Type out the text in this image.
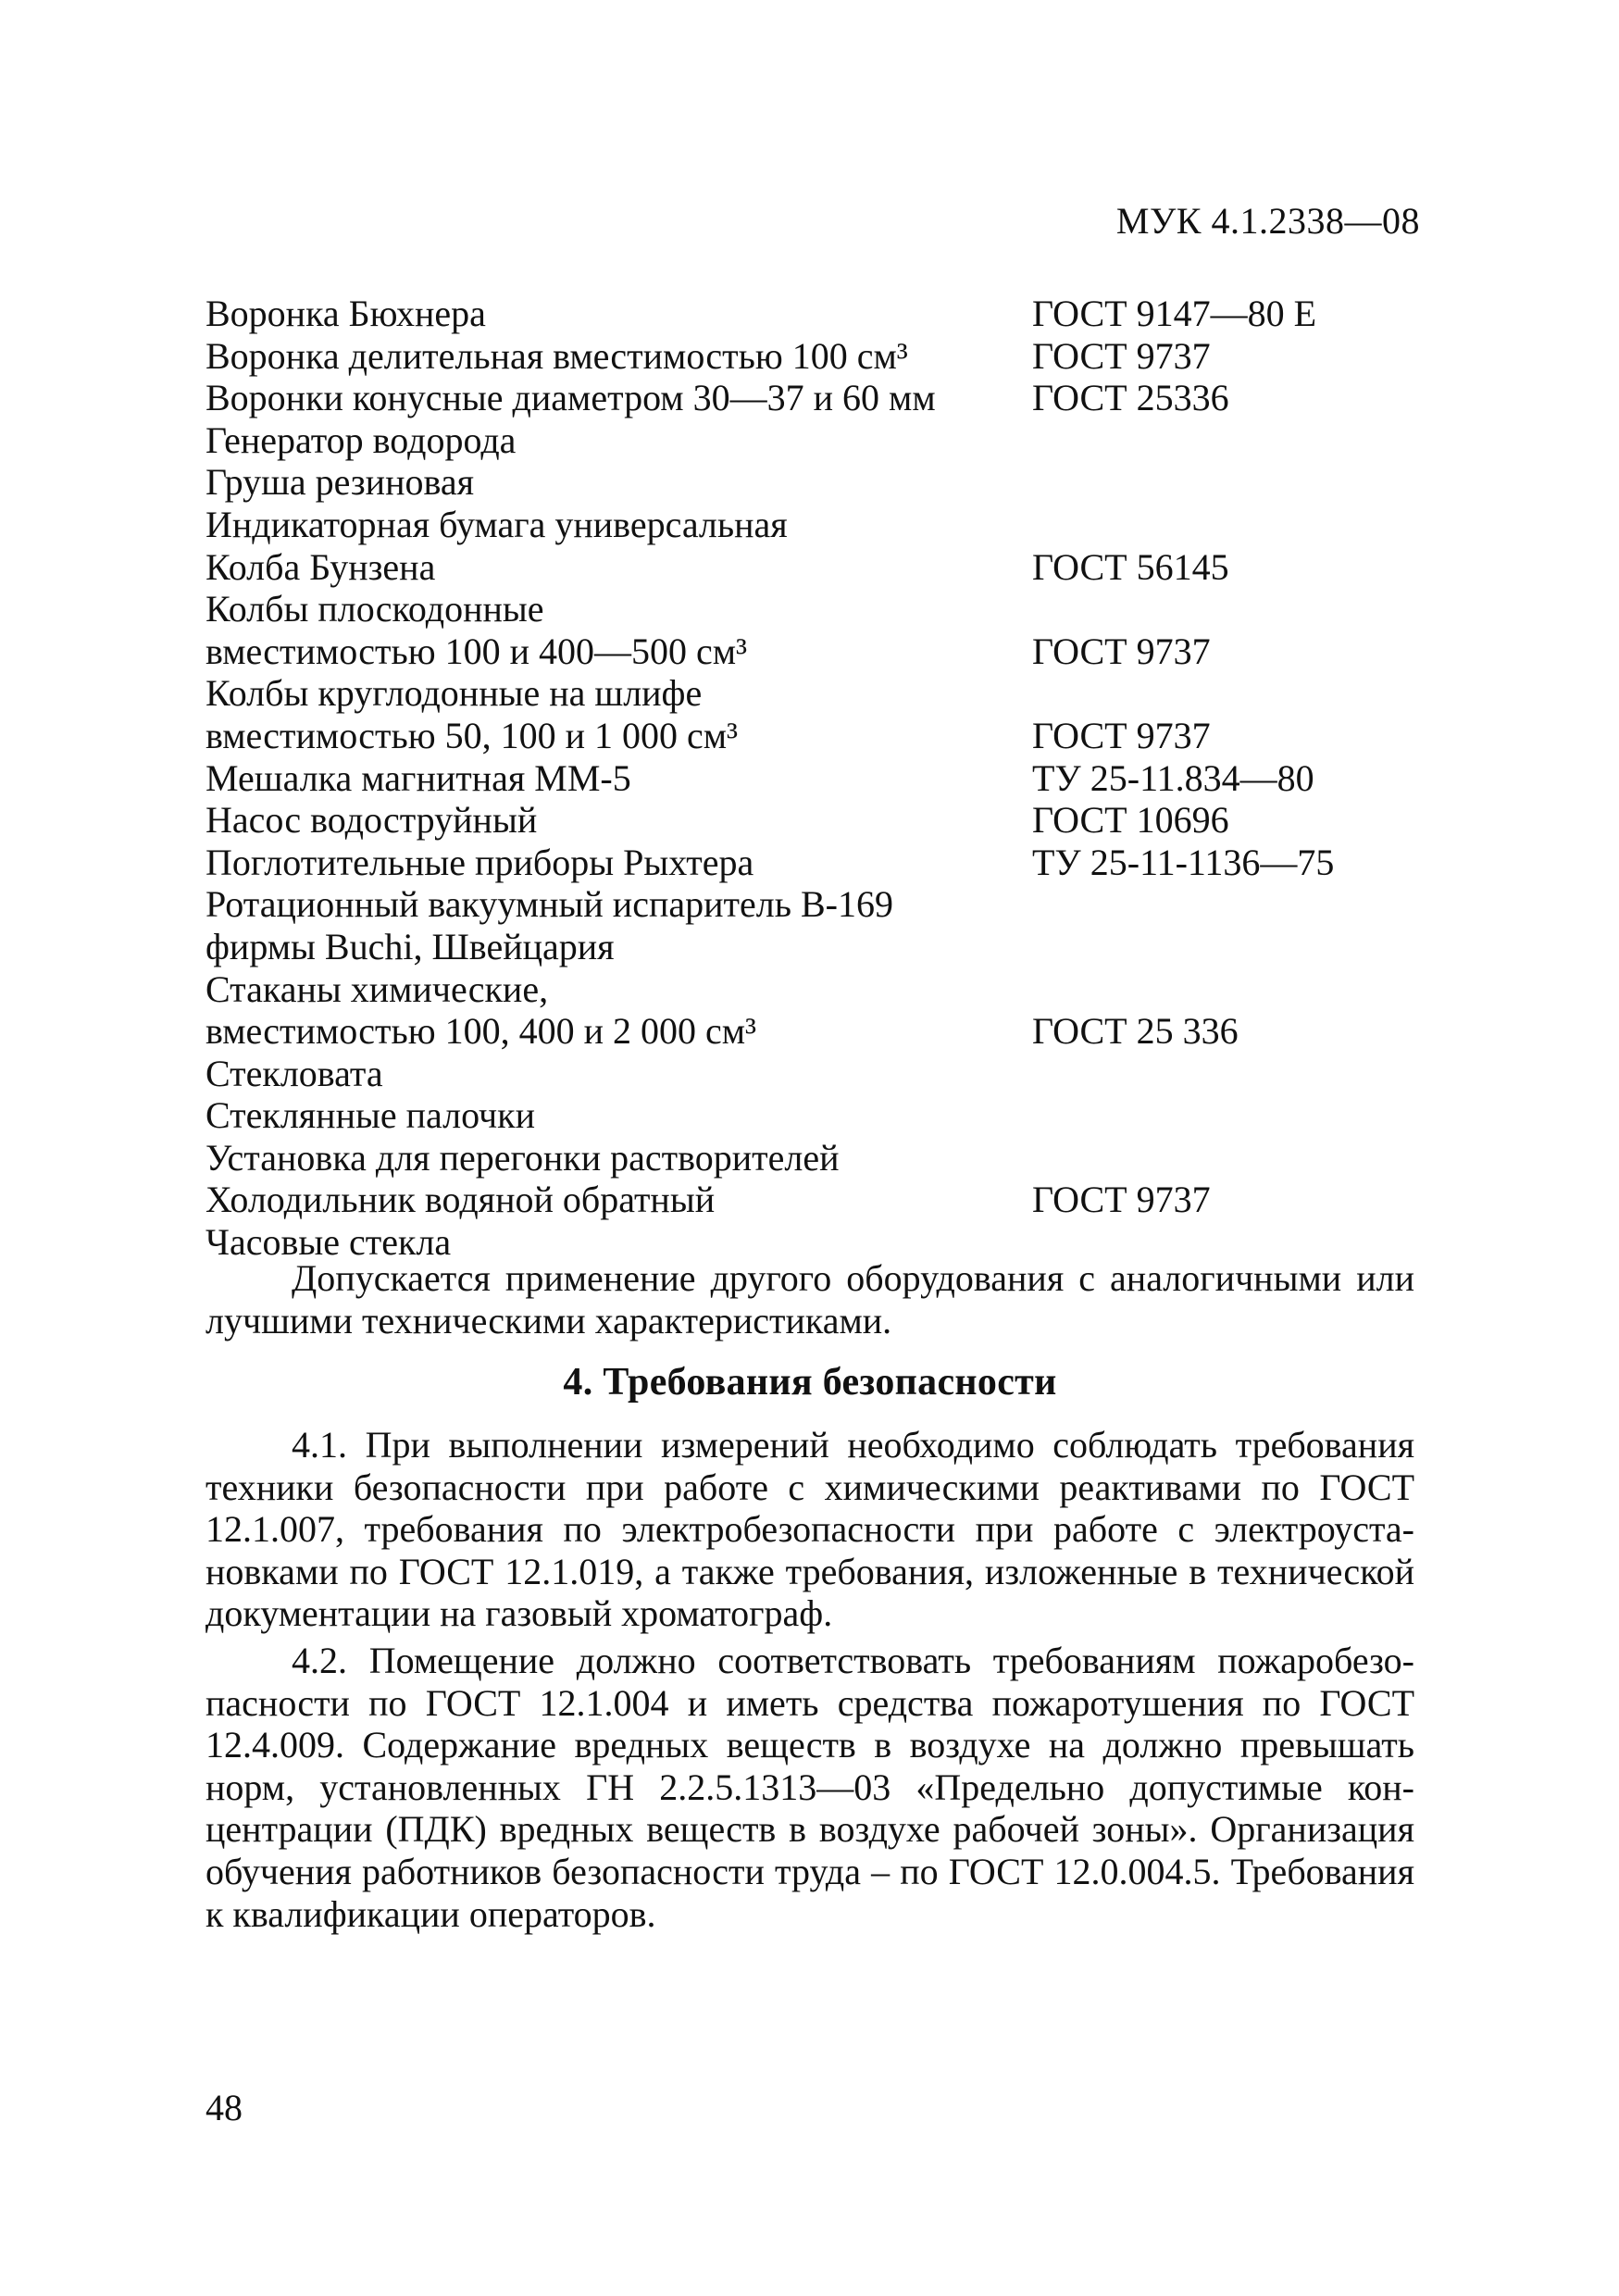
МУК 4.1.2338—08
Воронка Бюхнера	ГОСТ 9147—80 Е
Воронка делительная вместимостью 100 см³	ГОСТ 9737
Воронки конусные диаметром 30—37 и 60 мм	ГОСТ 25336
Генератор водорода
Груша резиновая
Индикаторная бумага универсальная
Колба Бунзена	ГОСТ 56145
Колбы плоскодонные
вместимостью 100 и 400—500 см³	ГОСТ 9737
Колбы круглодонные на шлифе
вместимостью 50, 100 и 1 000 см³	ГОСТ 9737
Мешалка магнитная ММ-5	ТУ 25-11.834—80
Насос водоструйный	ГОСТ 10696
Поглотительные приборы Рыхтера	ТУ 25-11-1136—75
Ротационный вакуумный испаритель В-169
фирмы Buchi, Швейцария
Стаканы химические,
вместимостью 100, 400 и 2 000 см³	ГОСТ 25 336
Стекловата
Стеклянные палочки
Установка для перегонки растворителей
Холодильник водяной обратный	ГОСТ 9737
Часовые стекла

Допускается применение другого оборудования с аналогичными или лучшими техническими характеристиками.

4. Требования безопасности

4.1. При выполнении измерений необходимо соблюдать требования техники безопасности при работе с химическими реактивами по ГОСТ 12.1.007, требования по электробезопасности при работе с электроустановками по ГОСТ 12.1.019, а также требования, изложенные в технической документации на газовый хроматограф.

4.2. Помещение должно соответствовать требованиям пожаробезопасности по ГОСТ 12.1.004 и иметь средства пожаротушения по ГОСТ 12.4.009. Содержание вредных веществ в воздухе на должно превышать норм, установленных ГН 2.2.5.1313—03 «Предельно допустимые концентрации (ПДК) вредных веществ в воздухе рабочей зоны». Организация обучения работников безопасности труда – по ГОСТ 12.0.004.5. Требования к квалификации операторов.

48
